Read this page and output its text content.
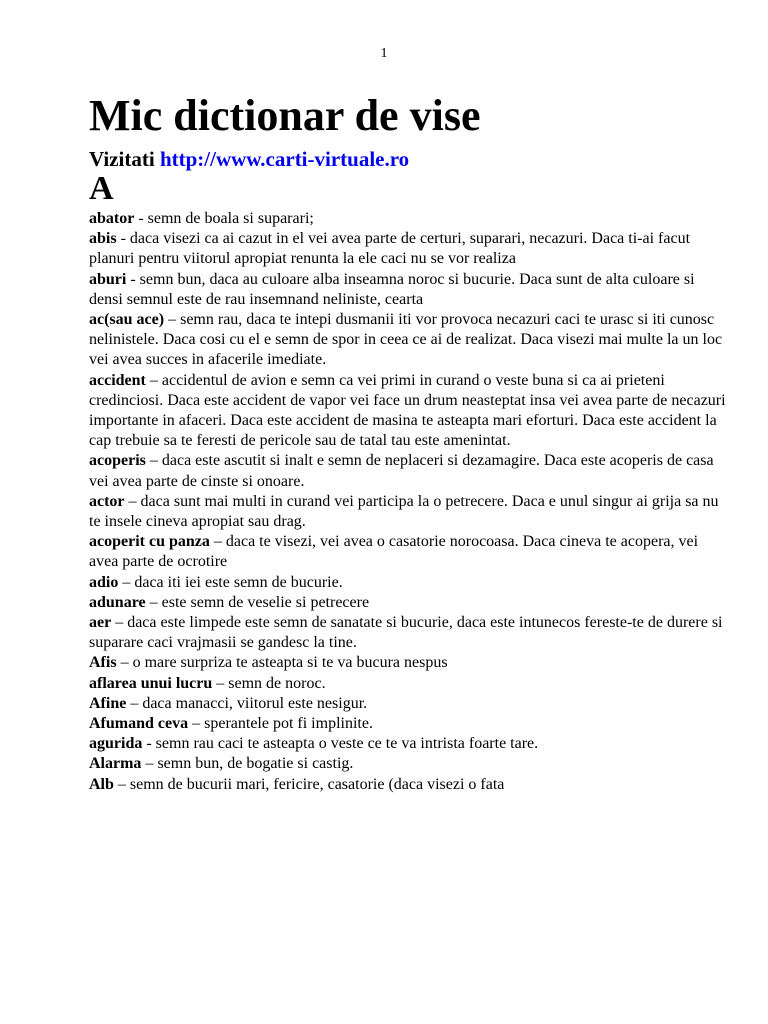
1
Mic dictionar de vise

Vizitati http://www.carti-virtuale.ro

A

abator - semn de boala si suparari;

abis - daca visezi ca ai cazut in el vei avea parte de certuri, suparari, necazuri. Daca ti-ai facut planuri pentru viitorul apropiat renunta la ele caci nu se vor realiza

aburi - semn bun, daca au culoare alba inseamna noroc si bucurie. Daca sunt de alta culoare si densi semnul este de rau insemnand neliniste, cearta

ac(sau ace) – semn rau, daca te intepi dusmanii iti vor provoca necazuri caci te urasc si iti cunosc nelinistele. Daca cosi cu el e semn de spor in ceea ce ai de realizat. Daca visezi mai multe la un loc vei avea succes in afacerile imediate.

accident – accidentul de avion e semn ca vei primi in curand o veste buna si ca ai prieteni credinciosi. Daca este accident de vapor vei face un drum neasteptat insa vei avea parte de necazuri importante in afaceri. Daca este accident de masina te asteapta mari eforturi. Daca este accident la cap trebuie sa te feresti de pericole sau de tatal tau este amenintat.

acoperis – daca este ascutit si inalt e semn de neplaceri si dezamagire. Daca este acoperis de casa vei avea parte de cinste si onoare.

actor – daca sunt mai multi in curand vei participa la o petrecere. Daca e unul singur ai grija sa nu te insele cineva apropiat sau drag.

acoperit cu panza – daca te visezi, vei avea o casatorie norocoasa. Daca cineva te acopera, vei avea parte de ocrotire

adio – daca iti iei este semn de bucurie.

adunare – este semn de veselie si petrecere

aer – daca este limpede este semn de sanatate si bucurie, daca este intunecos fereste-te de durere si suparare caci vrajmasii se gandesc la tine.

Afis – o mare surpriza te asteapta si te va bucura nespus

aflarea unui lucru – semn de noroc.

Afine – daca manacci, viitorul este nesigur.

Afumand ceva – sperantele pot fi implinite.

agurida - semn rau caci te asteapta o veste ce te va intrista foarte tare.

Alarma – semn bun, de bogatie si castig.

Alb – semn de bucurii mari, fericire, casatorie (daca visezi o fata
